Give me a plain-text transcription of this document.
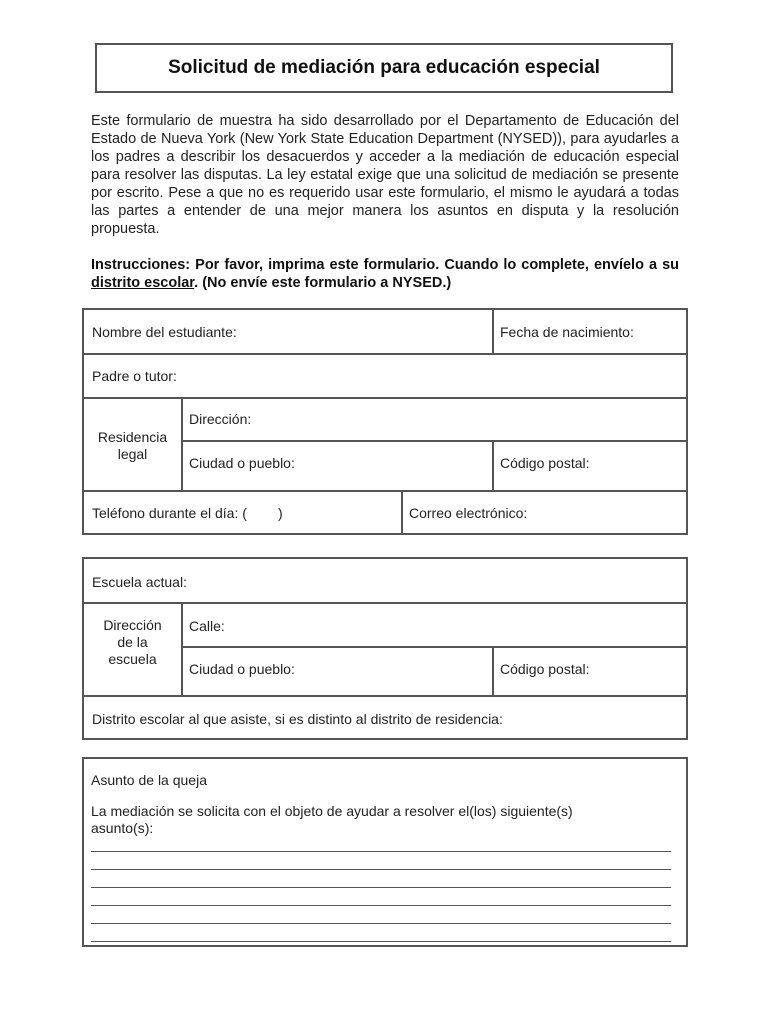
Solicitud de mediación para educación especial
Este formulario de muestra ha sido desarrollado por el Departamento de Educación del Estado de Nueva York (New York State Education Department (NYSED)), para ayudarles a los padres a describir los desacuerdos y acceder a la mediación de educación especial para resolver las disputas. La ley estatal exige que una solicitud de mediación se presente por escrito. Pese a que no es requerido usar este formulario, el mismo le ayudará a todas las partes a entender de una mejor manera los asuntos en disputa y la resolución propuesta.
Instrucciones: Por favor, imprima este formulario. Cuando lo complete, envíelo a su distrito escolar. (No envíe este formulario a NYSED.)
Nombre del estudiante:	Fecha de nacimiento:
Padre o tutor:
Residencia
legal
Dirección:
Ciudad o pueblo:	Código postal:
Teléfono durante el día: (        )	Correo electrónico:
Escuela actual:
Dirección
de la
escuela
Calle:
Ciudad o pueblo:	Código postal:
Distrito escolar al que asiste, si es distinto al distrito de residencia:
Asunto de la queja
La mediación se solicita con el objeto de ayudar a resolver el(los) siguiente(s) asunto(s):
